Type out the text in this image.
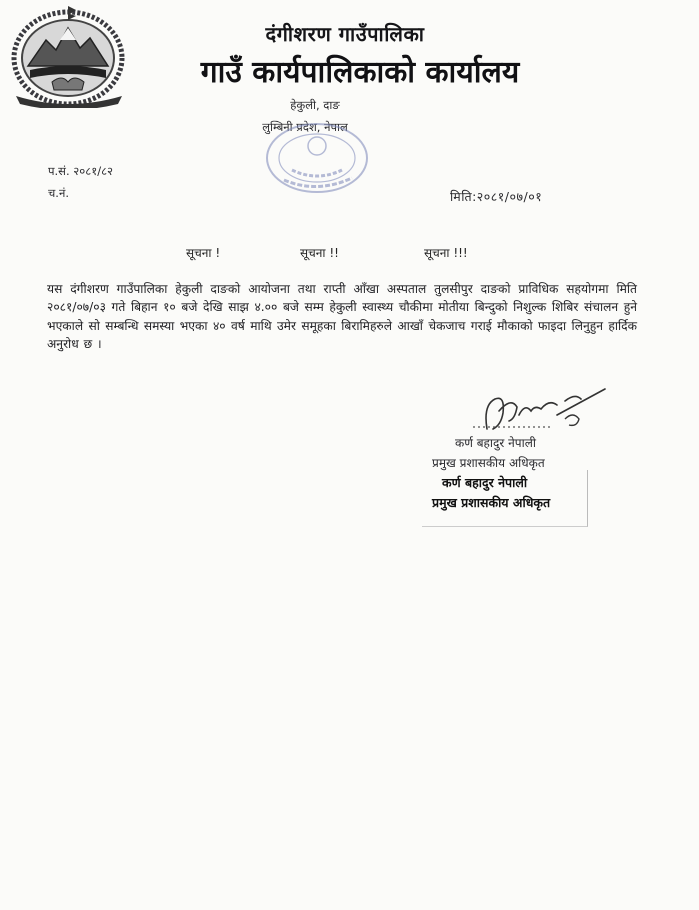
दंगीशरण गाउँपालिका
गाउँ कार्यपालिकाको कार्यालय
हेकुली, दाङ
लुम्बिनी प्रदेश, नेपाल
प.सं. २०८१/८२
च.नं.	मिति:२०८१/०७/०१
सूचना !	सूचना !!	सूचना !!!
यस दंगीशरण गाउँपालिका हेकुली दाङको आयोजना तथा राप्ती आँखा अस्पताल तुलसीपुर दाङको प्राविधिक सहयोगमा मिति २०८१/०७/०३ गते बिहान १० बजे देखि साझ ४.०० बजे सम्म हेकुली स्वास्थ्य चौकीमा मोतीया बिन्दुको निशुल्क शिबिर संचालन हुने भएकाले सो सम्बन्धि समस्या भएका ४० वर्ष माथि उमेर समूहका बिरामिहरुले आखाँ चेकजाच गराई मौकाको फाइदा लिनुहुन हार्दिक अनुरोध छ ।
कर्ण बहादुर नेपाली
प्रमुख प्रशासकीय अधिकृत
कर्ण बहादुर नेपाली
प्रमुख प्रशासकीय अधिकृत
